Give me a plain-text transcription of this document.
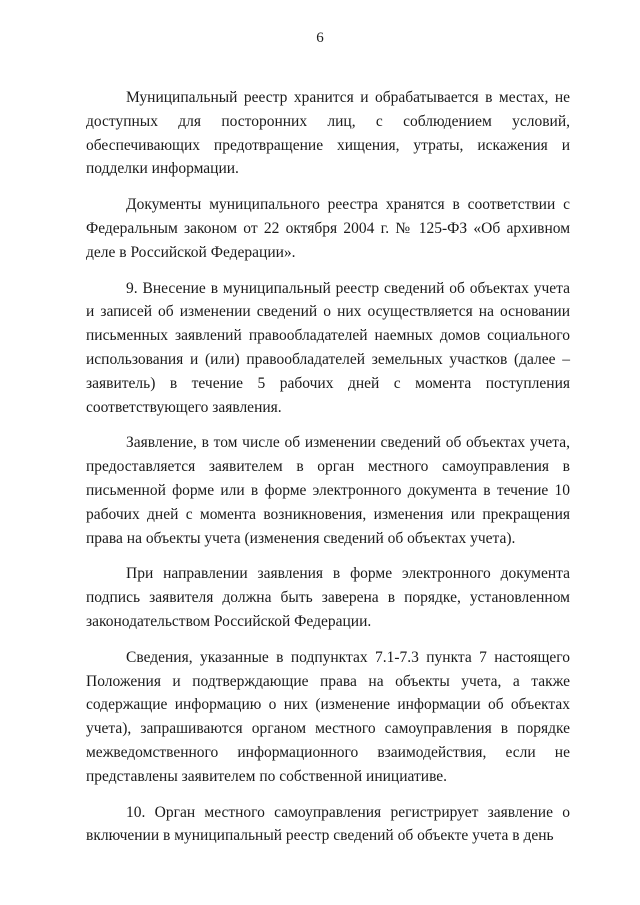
6

Муниципальный реестр хранится и обрабатывается в местах, не доступных для посторонних лиц, с соблюдением условий, обеспечивающих предотвращение хищения, утраты, искажения и подделки информации.

Документы муниципального реестра хранятся в соответствии с Федеральным законом от 22 октября 2004 г. № 125-ФЗ «Об архивном деле в Российской Федерации».

9. Внесение в муниципальный реестр сведений об объектах учета и записей об изменении сведений о них осуществляется на основании письменных заявлений правообладателей наемных домов социального использования и (или) правообладателей земельных участков (далее – заявитель) в течение 5 рабочих дней с момента поступления соответствующего заявления.

Заявление, в том числе об изменении сведений об объектах учета, предоставляется заявителем в орган местного самоуправления в письменной форме или в форме электронного документа в течение 10 рабочих дней с момента возникновения, изменения или прекращения права на объекты учета (изменения сведений об объектах учета).

При направлении заявления в форме электронного документа подпись заявителя должна быть заверена в порядке, установленном законодательством Российской Федерации.

Сведения, указанные в подпунктах 7.1-7.3 пункта 7 настоящего Положения и подтверждающие права на объекты учета, а также содержащие информацию о них (изменение информации об объектах учета), запрашиваются органом местного самоуправления в порядке межведомственного информационного взаимодействия, если не представлены заявителем по собственной инициативе.

10. Орган местного самоуправления регистрирует заявление о включении в муниципальный реестр сведений об объекте учета в день
